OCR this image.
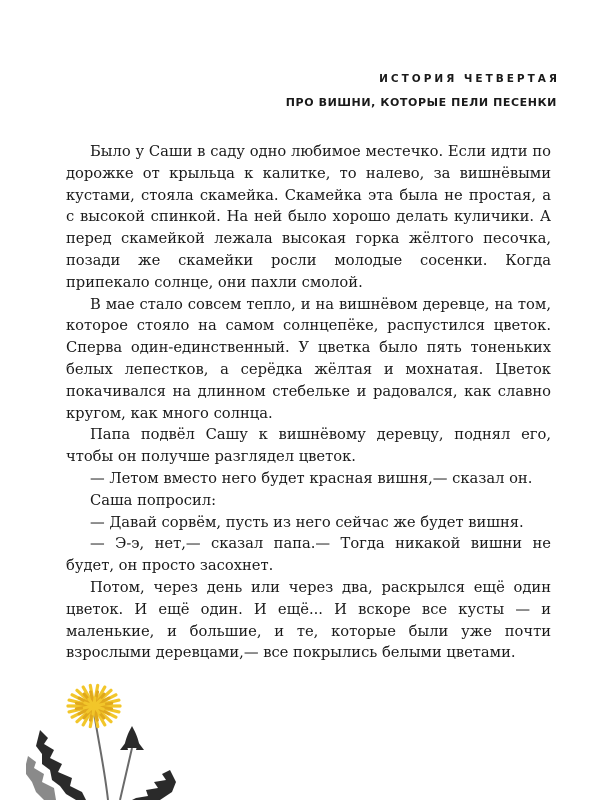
ИСТОРИЯ ЧЕТВЕРТАЯ
ПРО ВИШНИ, КОТОРЫЕ ПЕЛИ ПЕСЕНКИ

Было у Саши в саду одно любимое местечко. Если идти по дорожке от крыльца к калитке, то налево, за вишнёвыми кустами, стояла скамейка. Скамейка эта была не простая, а с высокой спинкой. На ней было хорошо делать куличики. А перед скамейкой лежала высокая горка жёлтого песочка, позади же скамейки росли молодые сосенки. Когда припекало солнце, они пахли смолой.

В мае стало совсем тепло, и на вишнёвом деревце, на том, которое стояло на самом солнцепёке, распустился цветок. Сперва один-единственный. У цветка было пять тоненьких белых лепестков, а серёдка жёлтая и мохнатая. Цветок покачивался на длинном стебельке и радовался, как славно кругом, как много солнца.

Папа подвёл Сашу к вишнёвому деревцу, поднял его, чтобы он получше разглядел цветок.

— Летом вместо него будет красная вишня,— сказал он.

Саша попросил:

— Давай сорвём, пусть из него сейчас же будет вишня.

— Э-э, нет,— сказал папа.— Тогда никакой вишни не будет, он просто засохнет.

Потом, через день или через два, раскрылся ещё один цветок. И ещё один. И ещё... И вскоре все кусты — и маленькие, и большие, и те, которые были уже почти взрослыми деревцами,— все покрылись белыми цветами.
